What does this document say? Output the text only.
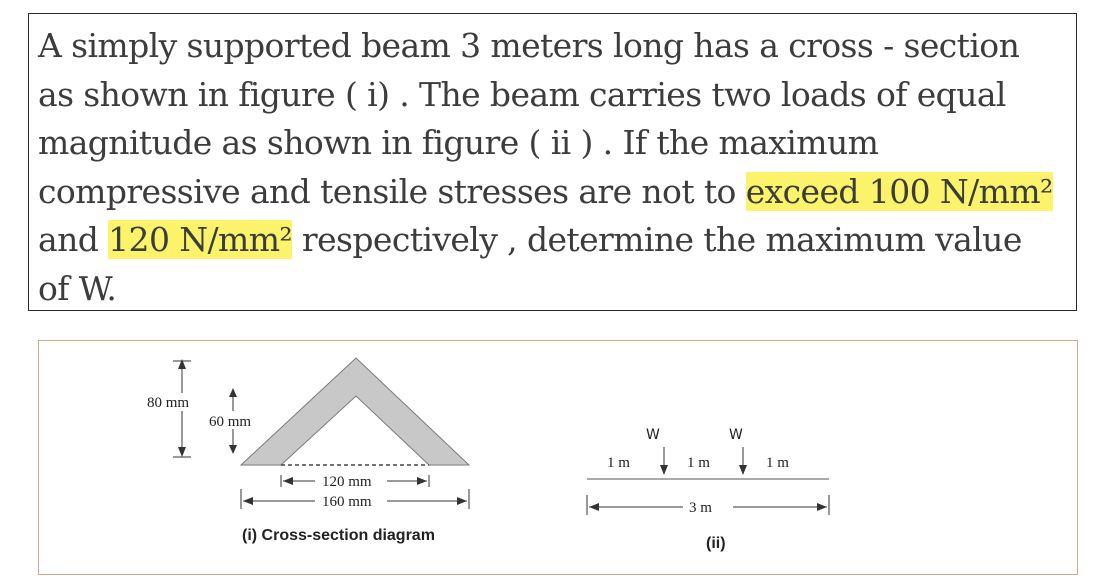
A simply supported beam 3 meters long has a cross - section
as shown in figure ( i) . The beam carries two loads of equal
magnitude as shown in figure ( ii ) . If the maximum
compressive and tensile stresses are not to exceed 100 N/mm²
and 120 N/mm² respectively , determine the maximum value
of W.

80 mm
60 mm
120 mm
160 mm
(i) Cross-section diagram
W	W
1 m	1 m	1 m
3 m
(ii)
